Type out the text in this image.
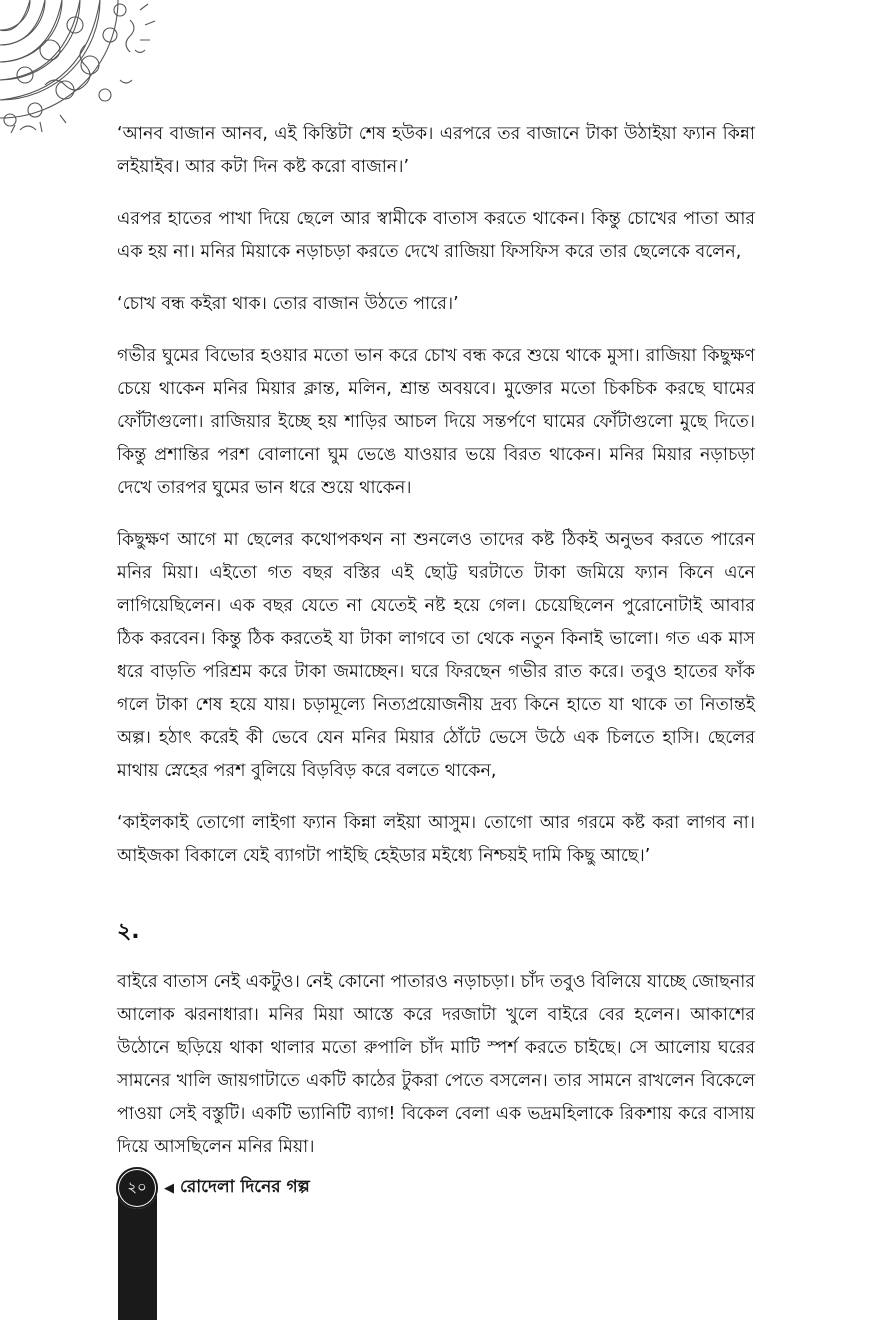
‘আনব বাজান আনব, এই কিস্তিটা শেষ হউক। এরপরে তর বাজানে টাকা উঠাইয়া ফ্যান কিন্না লইয়াইব। আর কটা দিন কষ্ট করো বাজান।’

এরপর হাতের পাখা দিয়ে ছেলে আর স্বামীকে বাতাস করতে থাকেন। কিন্তু চোখের পাতা আর এক হয় না। মনির মিয়াকে নড়াচড়া করতে দেখে রাজিয়া ফিসফিস করে তার ছেলেকে বলেন,

‘চোখ বন্ধ কইরা থাক। তোর বাজান উঠতে পারে।’

গভীর ঘুমের বিভোর হওয়ার মতো ভান করে চোখ বন্ধ করে শুয়ে থাকে মুসা। রাজিয়া কিছুক্ষণ চেয়ে থাকেন মনির মিয়ার ক্লান্ত, মলিন, শ্রান্ত অবয়বে। মুক্তোর মতো চিকচিক করছে ঘামের ফোঁটাগুলো। রাজিয়ার ইচ্ছে হয় শাড়ির আচল দিয়ে সন্তর্পণে ঘামের ফোঁটাগুলো মুছে দিতে। কিন্তু প্রশান্তির পরশ বোলানো ঘুম ভেঙে যাওয়ার ভয়ে বিরত থাকেন। মনির মিয়ার নড়াচড়া দেখে তারপর ঘুমের ভান ধরে শুয়ে থাকেন।

কিছুক্ষণ আগে মা ছেলের কথোপকথন না শুনলেও তাদের কষ্ট ঠিকই অনুভব করতে পারেন মনির মিয়া। এইতো গত বছর বস্তির এই ছোট্ট ঘরটাতে টাকা জমিয়ে ফ্যান কিনে এনে লাগিয়েছিলেন। এক বছর যেতে না যেতেই নষ্ট হয়ে গেল। চেয়েছিলেন পুরোনোটাই আবার ঠিক করবেন। কিন্তু ঠিক করতেই যা টাকা লাগবে তা থেকে নতুন কিনাই ভালো। গত এক মাস ধরে বাড়তি পরিশ্রম করে টাকা জমাচ্ছেন। ঘরে ফিরছেন গভীর রাত করে। তবুও হাতের ফাঁক গলে টাকা শেষ হয়ে যায়। চড়ামূল্যে নিত্যপ্রয়োজনীয় দ্রব্য কিনে হাতে যা থাকে তা নিতান্তই অল্প। হঠাৎ করেই কী ভেবে যেন মনির মিয়ার ঠোঁটে ভেসে উঠে এক চিলতে হাসি। ছেলের মাথায় স্নেহের পরশ বুলিয়ে বিড়বিড় করে বলতে থাকেন,

‘কাইলকাই তোগো লাইগা ফ্যান কিন্না লইয়া আসুম। তোগো আর গরমে কষ্ট করা লাগব না। আইজকা বিকালে যেই ব্যাগটা পাইছি হেইডার মইধ্যে নিশ্চয়ই দামি কিছু আছে।’

২.

বাইরে বাতাস নেই একটুও। নেই কোনো পাতারও নড়াচড়া। চাঁদ তবুও বিলিয়ে যাচ্ছে জোছনার আলোক ঝরনাধারা। মনির মিয়া আস্তে করে দরজাটা খুলে বাইরে বের হলেন। আকাশের উঠোনে ছড়িয়ে থাকা থালার মতো রুপালি চাঁদ মাটি স্পর্শ করতে চাইছে। সে আলোয় ঘরের সামনের খালি জায়গাটাতে একটি কাঠের টুকরা পেতে বসলেন। তার সামনে রাখলেন বিকেলে পাওয়া সেই বস্তুটি। একটি ভ্যানিটি ব্যাগ! বিকেল বেলা এক ভদ্রমহিলাকে রিকশায় করে বাসায় দিয়ে আসছিলেন মনির মিয়া।

২০	◀ রোদেলা দিনের গল্প
